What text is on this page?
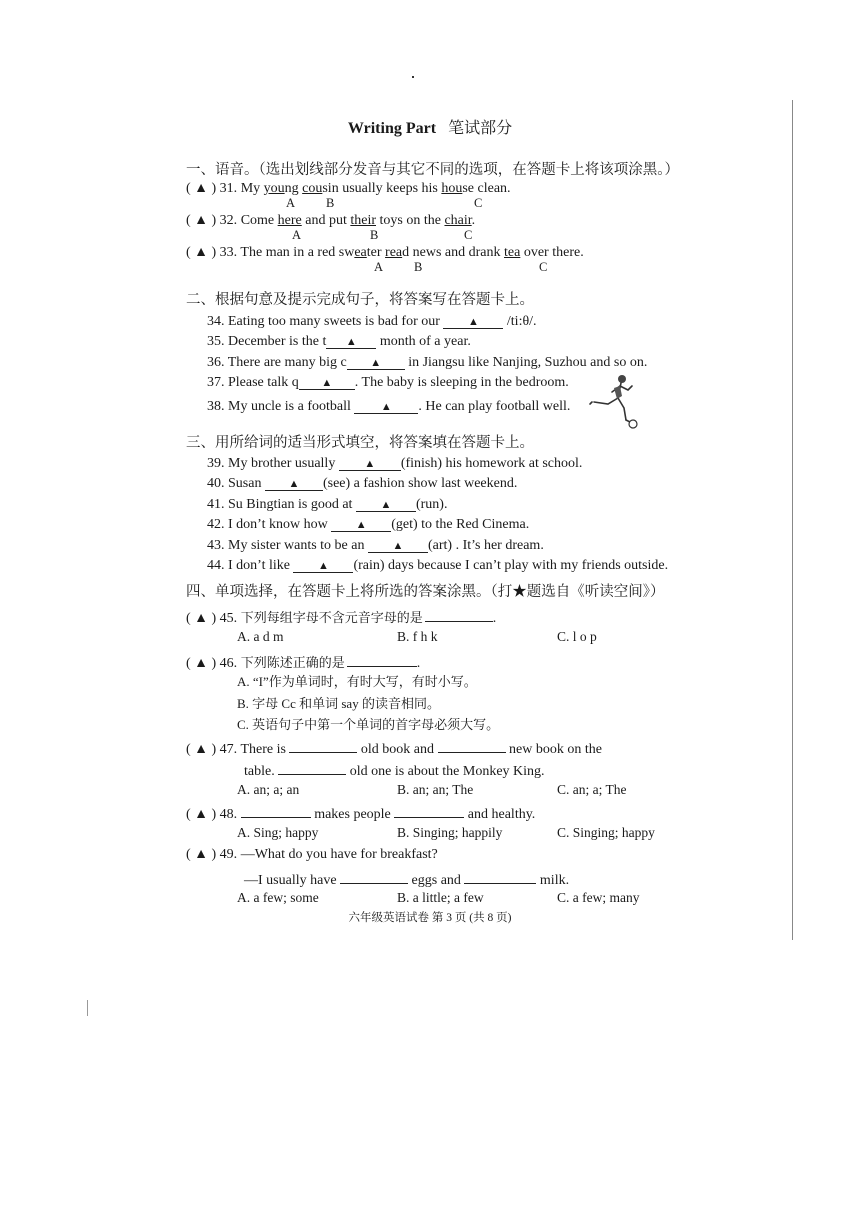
Writing Part 笔试部分
一、语音。（选出划线部分发音与其它不同的选项，在答题卡上将该项涂黑。）
( ▲ ) 31. My young cousin usually keeps his house clean.
A B	C
( ▲ ) 32. Come here and put their toys on the chair.
A	B	C
( ▲ ) 33. The man in a red sweater read news and drank tea over there.
A B	C
二、根据句意及提示完成句子，将答案写在答题卡上。
34. Eating too many sweets is bad for our ▲ /ti:θ/.
35. December is the t ▲ month of a year.
36. There are many big c ▲ in Jiangsu like Nanjing, Suzhou and so on.
37. Please talk q ▲ . The baby is sleeping in the bedroom.
38. My uncle is a football ▲ . He can play football well.
三、用所给词的适当形式填空，将答案填在答题卡上。
39. My brother usually ▲ (finish) his homework at school.
40. Susan ▲ (see) a fashion show last weekend.
41. Su Bingtian is good at ▲ (run).
42. I don’t know how ▲ (get) to the Red Cinema.
43. My sister wants to be an ▲ (art) . It’s her dream.
44. I don’t like ▲ (rain) days because I can’t play with my friends outside.
四、单项选择，在答题卡上将所选的答案涂黑。（打★题选自《听读空间》）
( ▲ ) 45. 下列每组字母不含元音字母的是	.
A. a d m	B. f h k	C. l o p
( ▲ ) 46. 下列陈述正确的是	.
A. “I”作为单词时，有时大写，有时小写。
B. 字母 Cc 和单词 say 的读音相同。
C. 英语句子中第一个单词的首字母必须大写。
( ▲ ) 47. There is	old book and	new book on the
table.	old one is about the Monkey King.
A. an; a; an	B. an; an; The	C. an; a; The
( ▲ ) 48.	makes people	and healthy.
A. Sing; happy	B. Singing; happily	C. Singing; happy
( ▲ ) 49. —What do you have for breakfast?
—I usually have	eggs and	milk.
A. a few; some	B. a little; a few	C. a few; many
六年级英语试卷 第 3 页 (共 8 页)
